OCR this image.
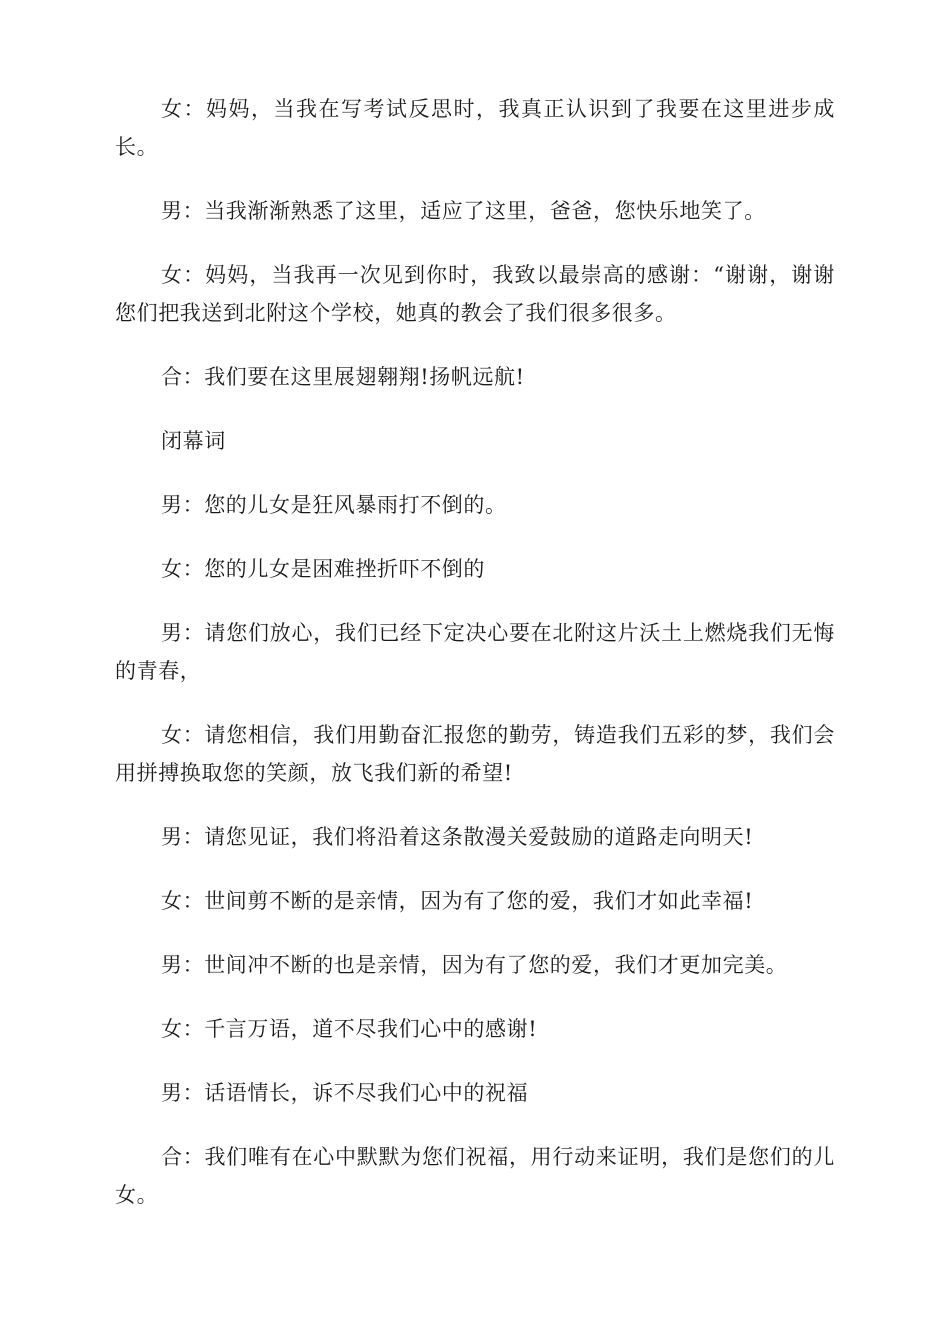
女：妈妈，当我在写考试反思时，我真正认识到了我要在这里进步成长。

男：当我渐渐熟悉了这里，适应了这里，爸爸，您快乐地笑了。

女：妈妈，当我再一次见到你时，我致以最崇高的感谢：“谢谢，谢谢您们把我送到北附这个学校，她真的教会了我们很多很多。

合：我们要在这里展翅翱翔!扬帆远航!

闭幕词

男：您的儿女是狂风暴雨打不倒的。

女：您的儿女是困难挫折吓不倒的

男：请您们放心，我们已经下定决心要在北附这片沃土上燃烧我们无悔的青春，

女：请您相信，我们用勤奋汇报您的勤劳，铸造我们五彩的梦，我们会用拼搏换取您的笑颜，放飞我们新的希望!

男：请您见证，我们将沿着这条散漫关爱鼓励的道路走向明天!

女：世间剪不断的是亲情，因为有了您的爱，我们才如此幸福!

男：世间冲不断的也是亲情，因为有了您的爱，我们才更加完美。

女：千言万语，道不尽我们心中的感谢!

男：话语情长，诉不尽我们心中的祝福

合：我们唯有在心中默默为您们祝福，用行动来证明，我们是您们的儿女。
